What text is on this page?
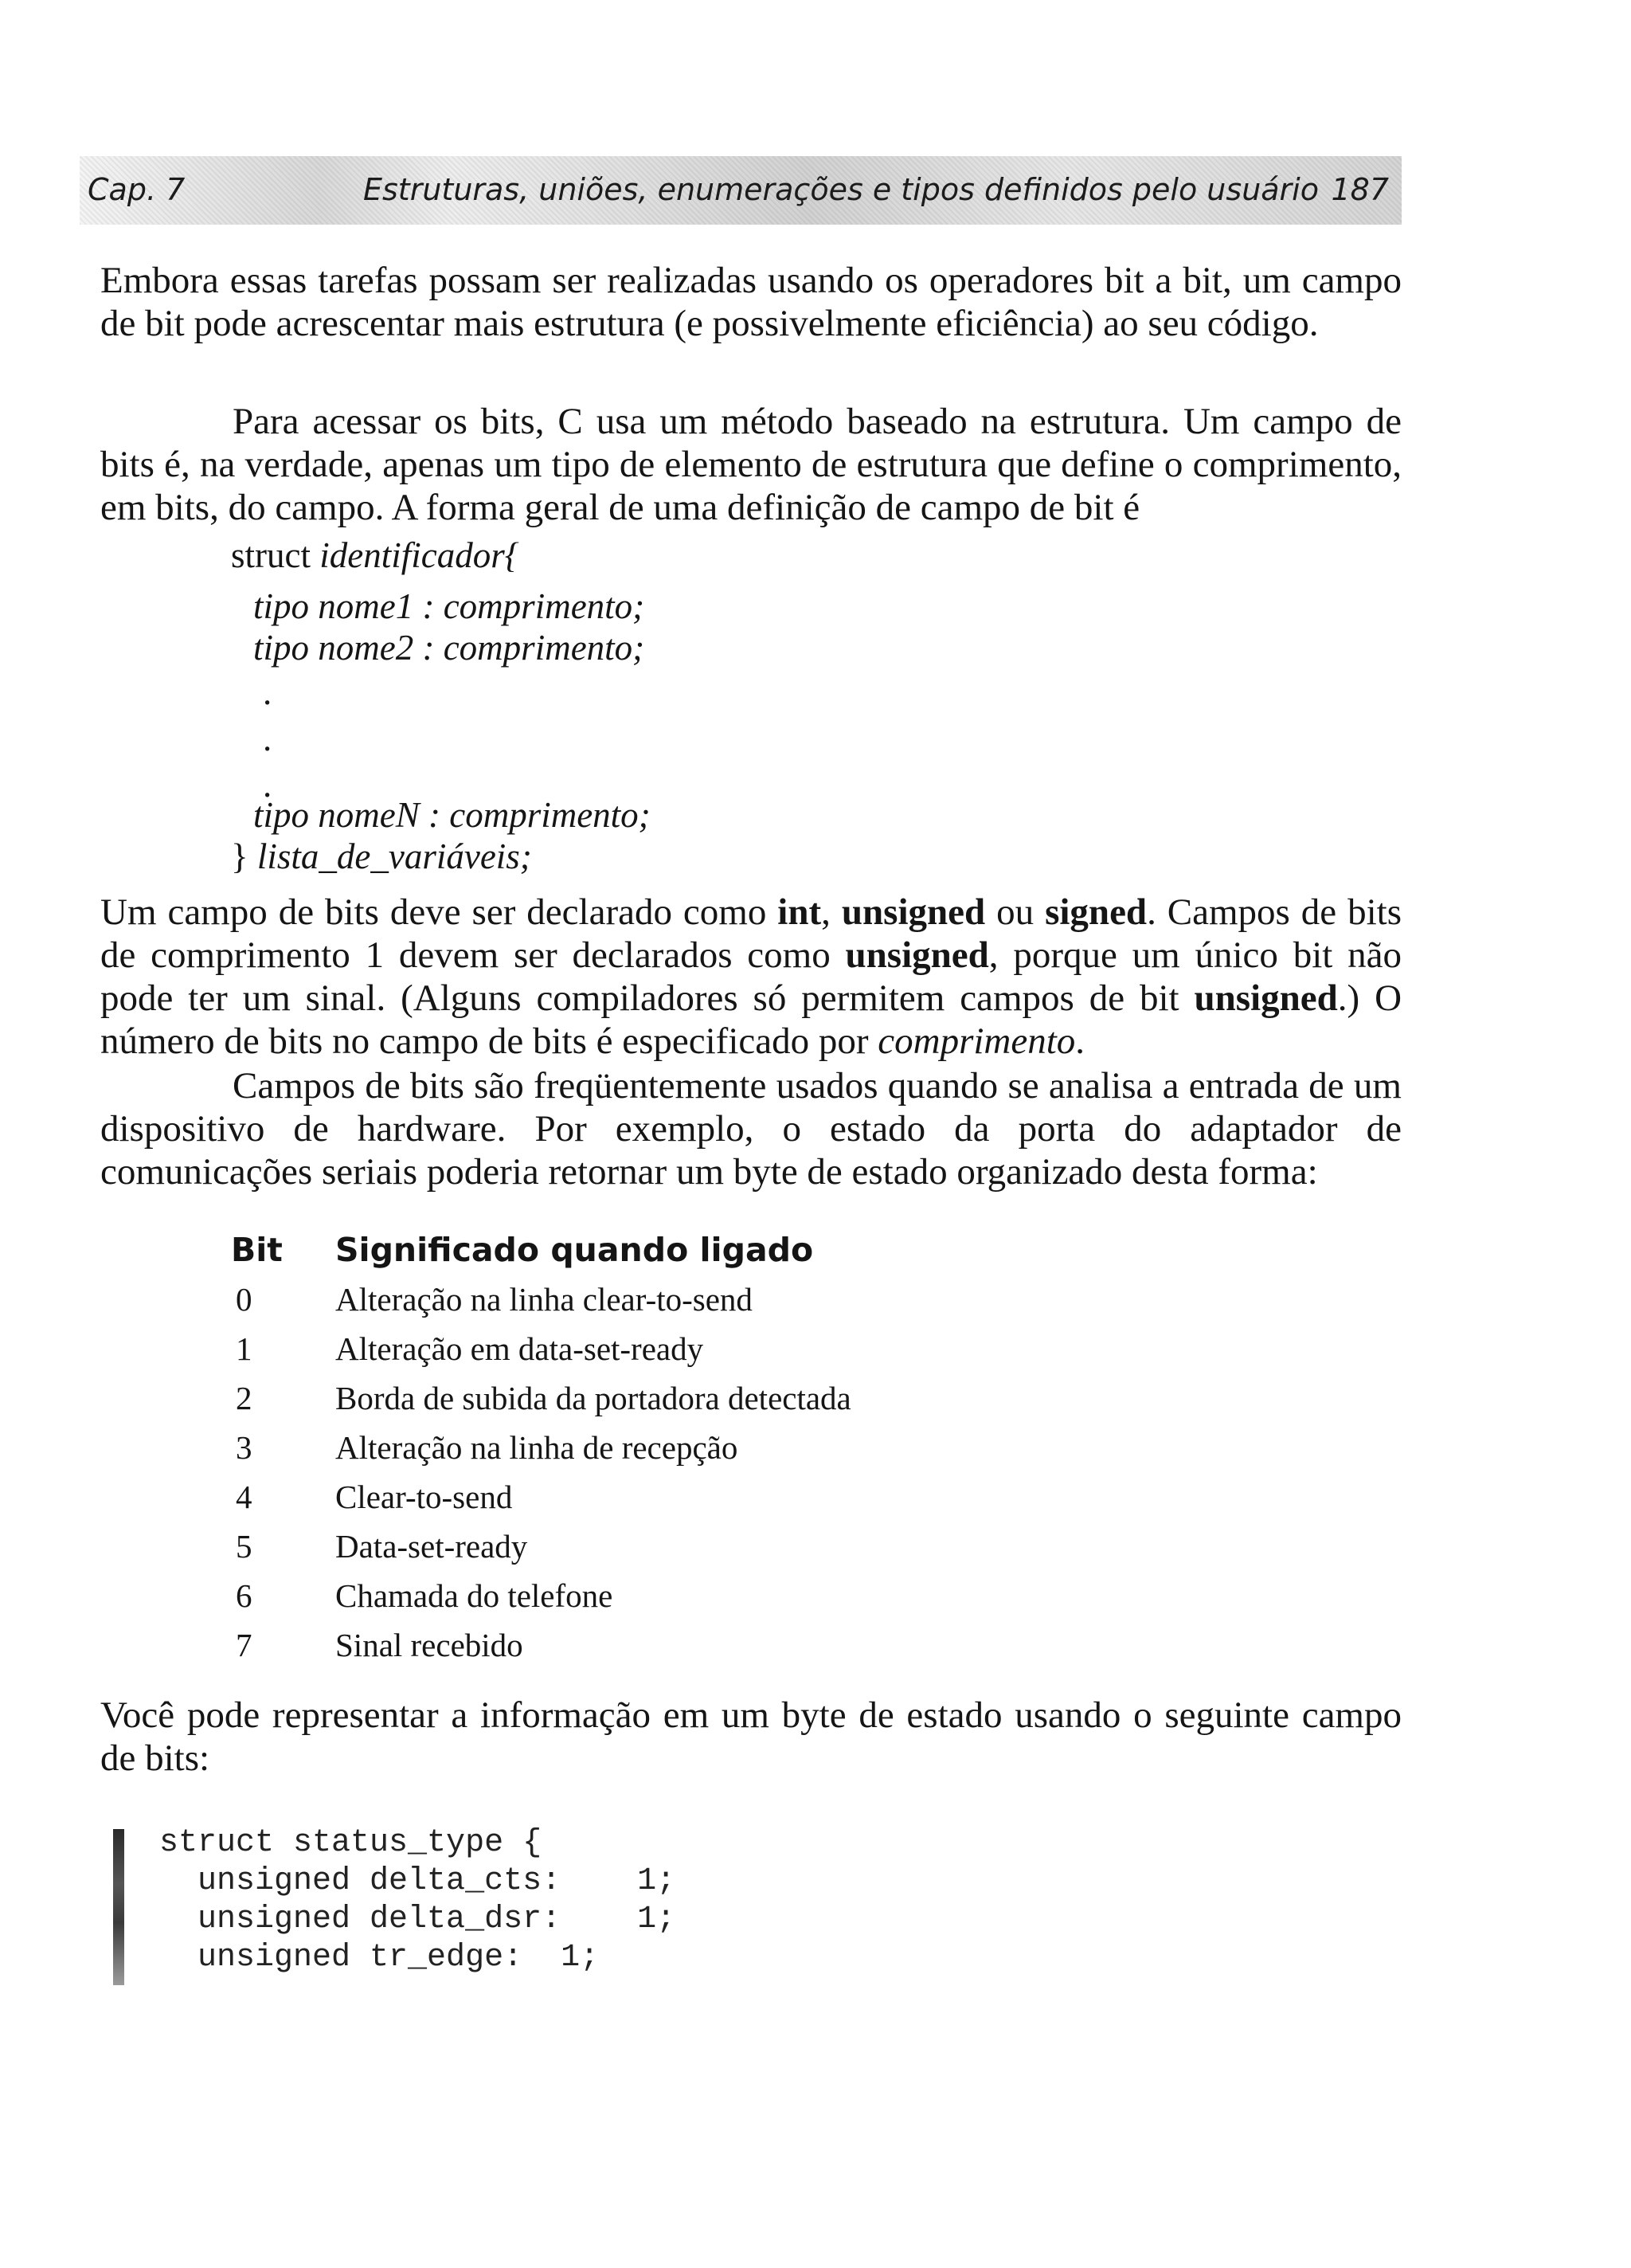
Cap. 7	Estruturas, uniões, enumerações e tipos definidos pelo usuário 187

Embora essas tarefas possam ser realizadas usando os operadores bit a bit, um campo de bit pode acrescentar mais estrutura (e possivelmente eficiência) ao seu código.

Para acessar os bits, C usa um método baseado na estrutura. Um campo de bits é, na verdade, apenas um tipo de elemento de estrutura que define o comprimento, em bits, do campo. A forma geral de uma definição de campo de bit é

struct identificador{
tipo nome1 : comprimento;
tipo nome2 : comprimento;
.
.
.
tipo nomeN : comprimento;
} lista_de_variáveis;

Um campo de bits deve ser declarado como int, unsigned ou signed. Campos de bits de comprimento 1 devem ser declarados como unsigned, porque um único bit não pode ter um sinal. (Alguns compiladores só permitem campos de bit unsigned.) O número de bits no campo de bits é especificado por comprimento.

Campos de bits são freqüentemente usados quando se analisa a entrada de um dispositivo de hardware. Por exemplo, o estado da porta do adaptador de comunicações seriais poderia retornar um byte de estado organizado desta forma:

Bit	Significado quando ligado
0	Alteração na linha clear-to-send
1	Alteração em data-set-ready
2	Borda de subida da portadora detectada
3	Alteração na linha de recepção
4	Clear-to-send
5	Data-set-ready
6	Chamada do telefone
7	Sinal recebido

Você pode representar a informação em um byte de estado usando o seguinte campo de bits:

struct status_type {
unsigned delta_cts:    1;
unsigned delta_dsr:    1;
unsigned tr_edge:  1;
